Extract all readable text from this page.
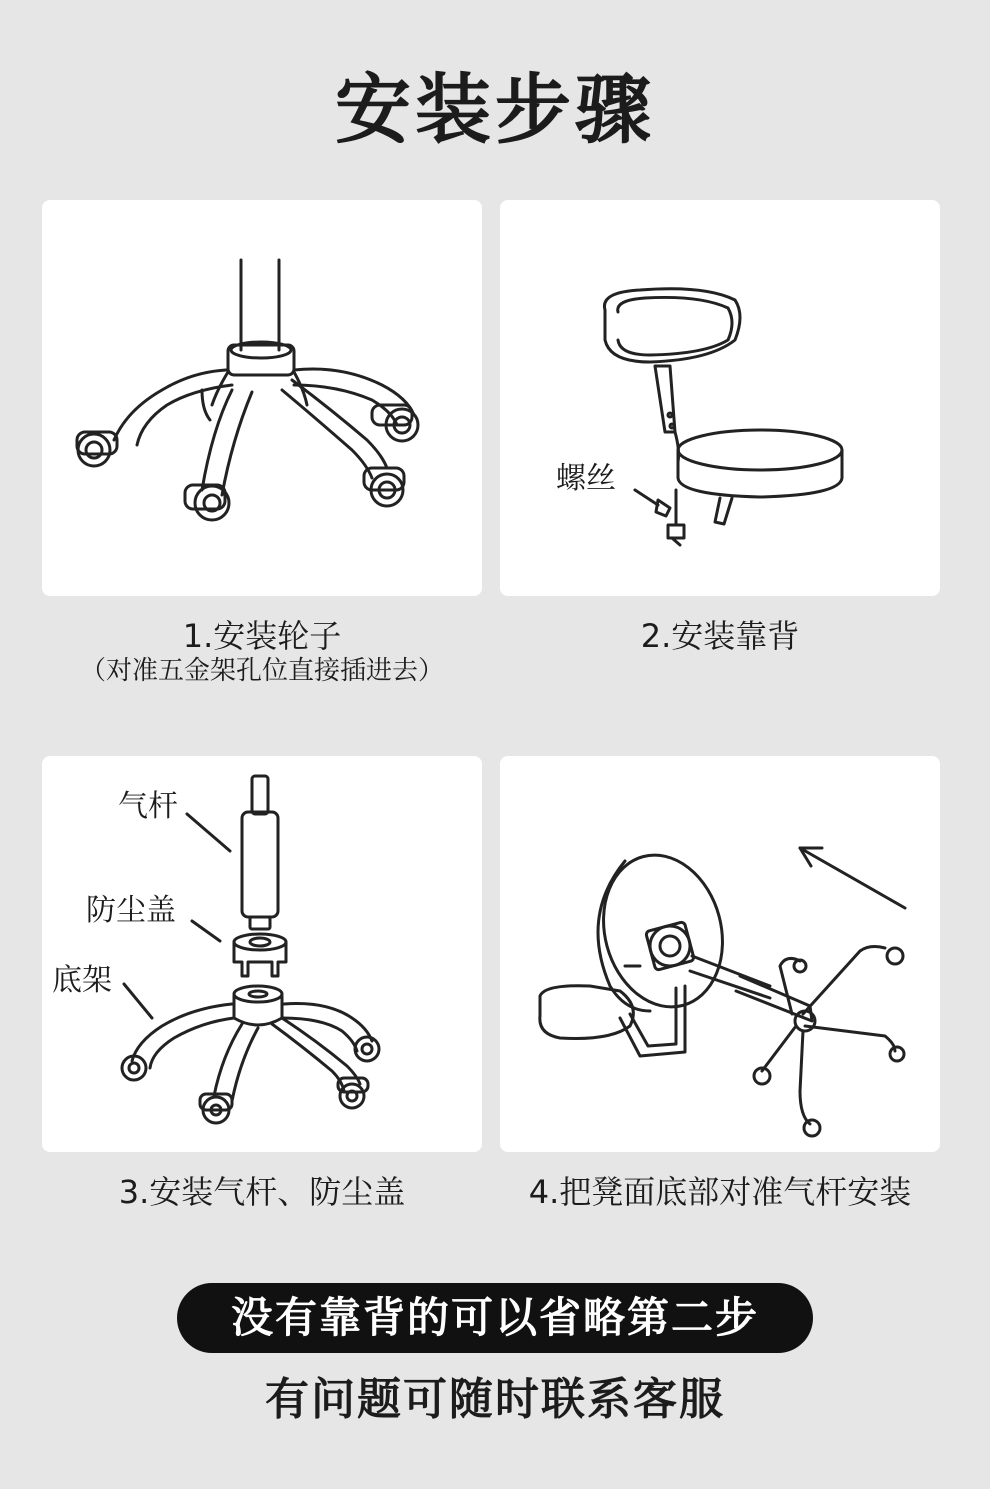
安装步骤
1.安装轮子
（对准五金架孔位直接插进去）
螺丝
2.安装靠背
气杆
防尘盖
底架
3.安装气杆、防尘盖	4.把凳面底部对准气杆安装
没有靠背的可以省略第二步
有问题可随时联系客服
